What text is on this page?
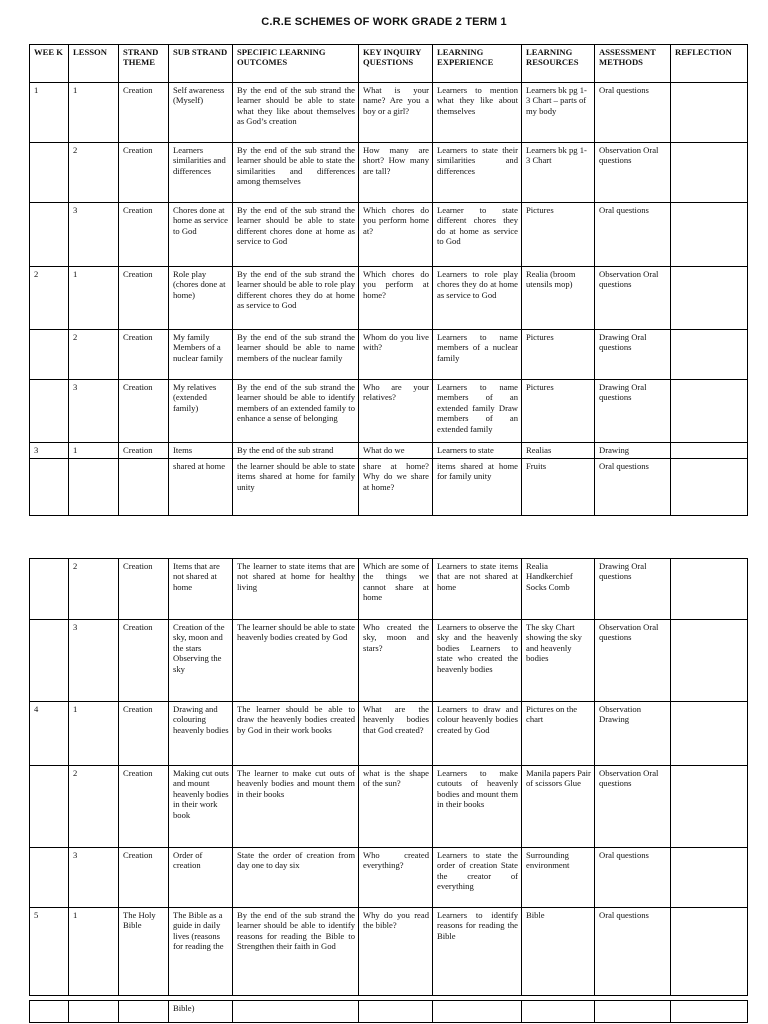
C.R.E SCHEMES OF WORK GRADE 2 TERM 1
WEE K	LESSON	STRAND THEME	SUB STRAND	SPECIFIC LEARNING OUTCOMES	KEY INQUIRY QUESTIONS	LEARNING EXPERIENCE	LEARNING RESOURCES	ASSESSMENT METHODS	REFLECTION
1	1	Creation	Self awareness (Myself)	By the end of the sub strand the learner should be able to state what they like about themselves as God’s creation	What is your name? Are you a boy or a girl?	Learners to mention what they like about themselves	Learners bk pg 1-3 Chart – parts of my body	Oral questions	
	2	Creation	Learners similarities and differences	By the end of the sub strand the learner should be able to state the similarities and differences among themselves	How many are short? How many are tall?	Learners to state their similarities and differences	Learners bk pg 1-3 Chart	Observation Oral questions	
	3	Creation	Chores done at home as service to God	By the end of the sub strand the learner should be able to state different chores done at home as service to God	Which chores do you perform home at?	Learner to state different chores they do at home as service to God	Pictures	Oral questions	
2	1	Creation	Role play (chores done at home)	By the end of the sub strand the learner should be able to role play different chores they do at home as service to God	Which chores do you perform at home?	Learners to role play chores they do at home as service to God	Realia (broom utensils mop)	Observation Oral questions	
	2	Creation	My family Members of a nuclear family	By the end of the sub strand the learner should be able to name members of the nuclear family	Whom do you live with?	Learners to name members of a nuclear family	Pictures	Drawing Oral questions	
	3	Creation	My relatives (extended family)	By the end of the sub strand the learner should be able to identify members of an extended family to enhance a sense of belonging	Who are your relatives?	Learners to name members of an extended family Draw members of an extended family	Pictures	Drawing Oral questions	
3	1	Creation	Items	By the end of the sub strand	What do we	Learners to state	Realias	Drawing	
			shared at home	the learner should be able to state items shared at home for family unity	share at home? Why do we share at home?	items shared at home for family unity	Fruits	Oral questions	
	2	Creation	Items that are not shared at home	The learner to state items that are not shared at home for healthy living	Which are some of the things we cannot share at home	Learners to state items that are not shared at home	Realia Handkerchief Socks Comb	Drawing Oral questions	
	3	Creation	Creation of the sky, moon and the stars Observing the sky	The learner should be able to state heavenly bodies created by God	Who created the sky, moon and stars?	Learners to observe the sky and the heavenly bodies Learners to state who created the heavenly bodies	The sky Chart showing the sky and heavenly bodies	Observation Oral questions	
4	1	Creation	Drawing and colouring heavenly bodies	The learner should be able to draw the heavenly bodies created by God in their work books	What are the heavenly bodies that God created?	Learners to draw and colour heavenly bodies created by God	Pictures on the chart	Observation Drawing	
	2	Creation	Making cut outs and mount heavenly bodies in their work book	The learner to make cut outs of heavenly bodies and mount them in their books	what is the shape of the sun?	Learners to make cutouts of heavenly bodies and mount them in their books	Manila papers Pair of scissors Glue	Observation Oral questions	
	3	Creation	Order of creation	State the order of creation from day one to day six	Who created everything?	Learners to state the order of creation State the creator of everything	Surrounding environment	Oral questions	
5	1	The Holy Bible	The Bible as a guide in daily lives (reasons for reading the	By the end of the sub strand the learner should be able to identify reasons for reading the Bible to Strengthen their faith in God	Why do you read the bible?	Learners to identify reasons for reading the Bible	Bible	Oral questions	
			Bible)						
